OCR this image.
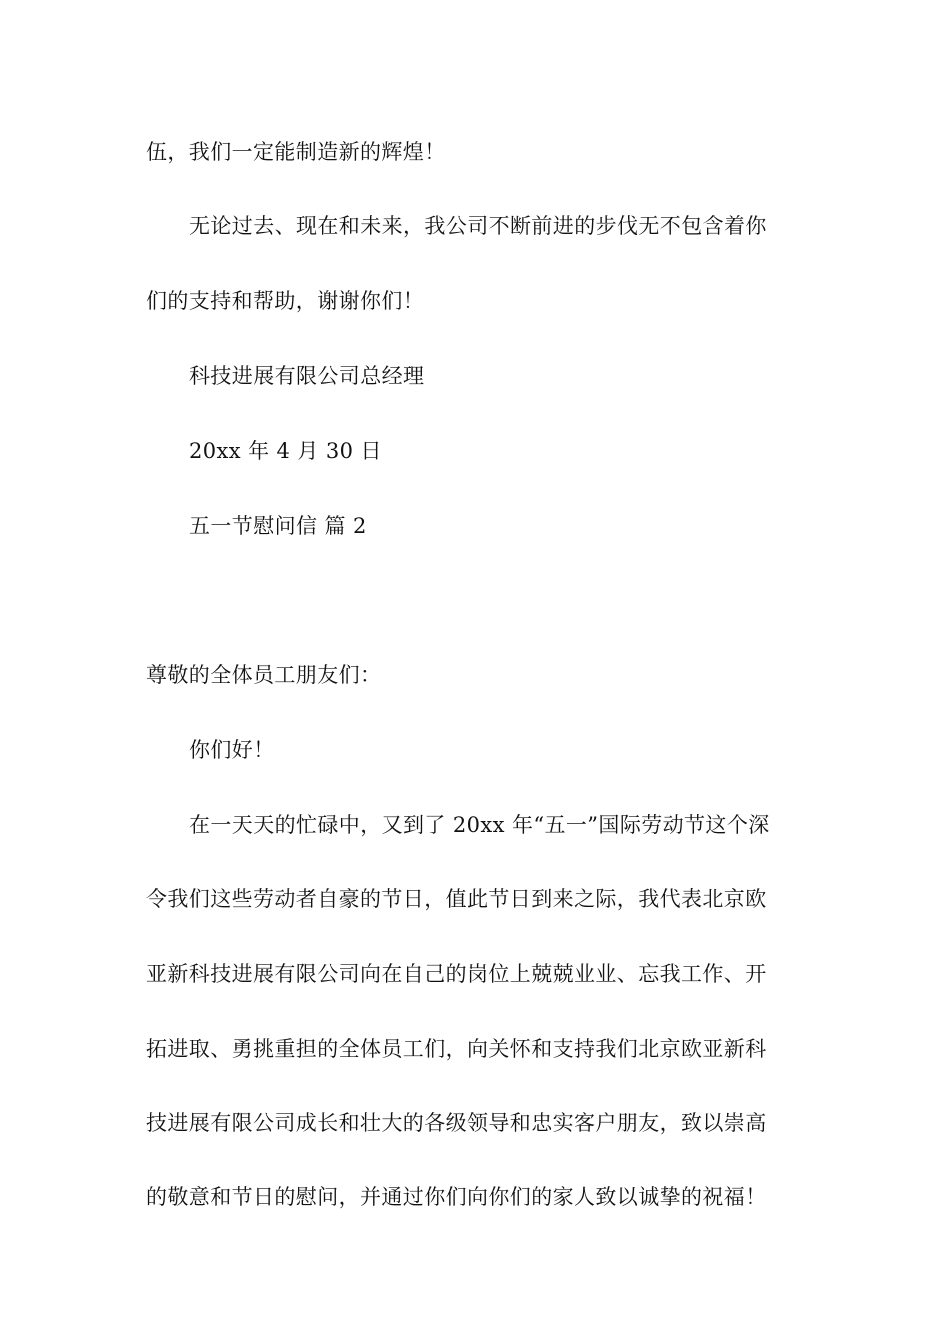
伍，我们一定能制造新的辉煌！
无论过去、现在和未来，我公司不断前进的步伐无不包含着你
们的支持和帮助，谢谢你们！
科技进展有限公司总经理
20xx 年 4 月 30 日
五一节慰问信 篇 2
尊敬的全体员工朋友们：
你们好！
在一天天的忙碌中，又到了 20xx 年“五一”国际劳动节这个深
令我们这些劳动者自豪的节日，值此节日到来之际，我代表北京欧
亚新科技进展有限公司向在自己的岗位上兢兢业业、忘我工作、开
拓进取、勇挑重担的全体员工们，向关怀和支持我们北京欧亚新科
技进展有限公司成长和壮大的各级领导和忠实客户朋友，致以崇高
的敬意和节日的慰问，并通过你们向你们的家人致以诚挚的祝福！
